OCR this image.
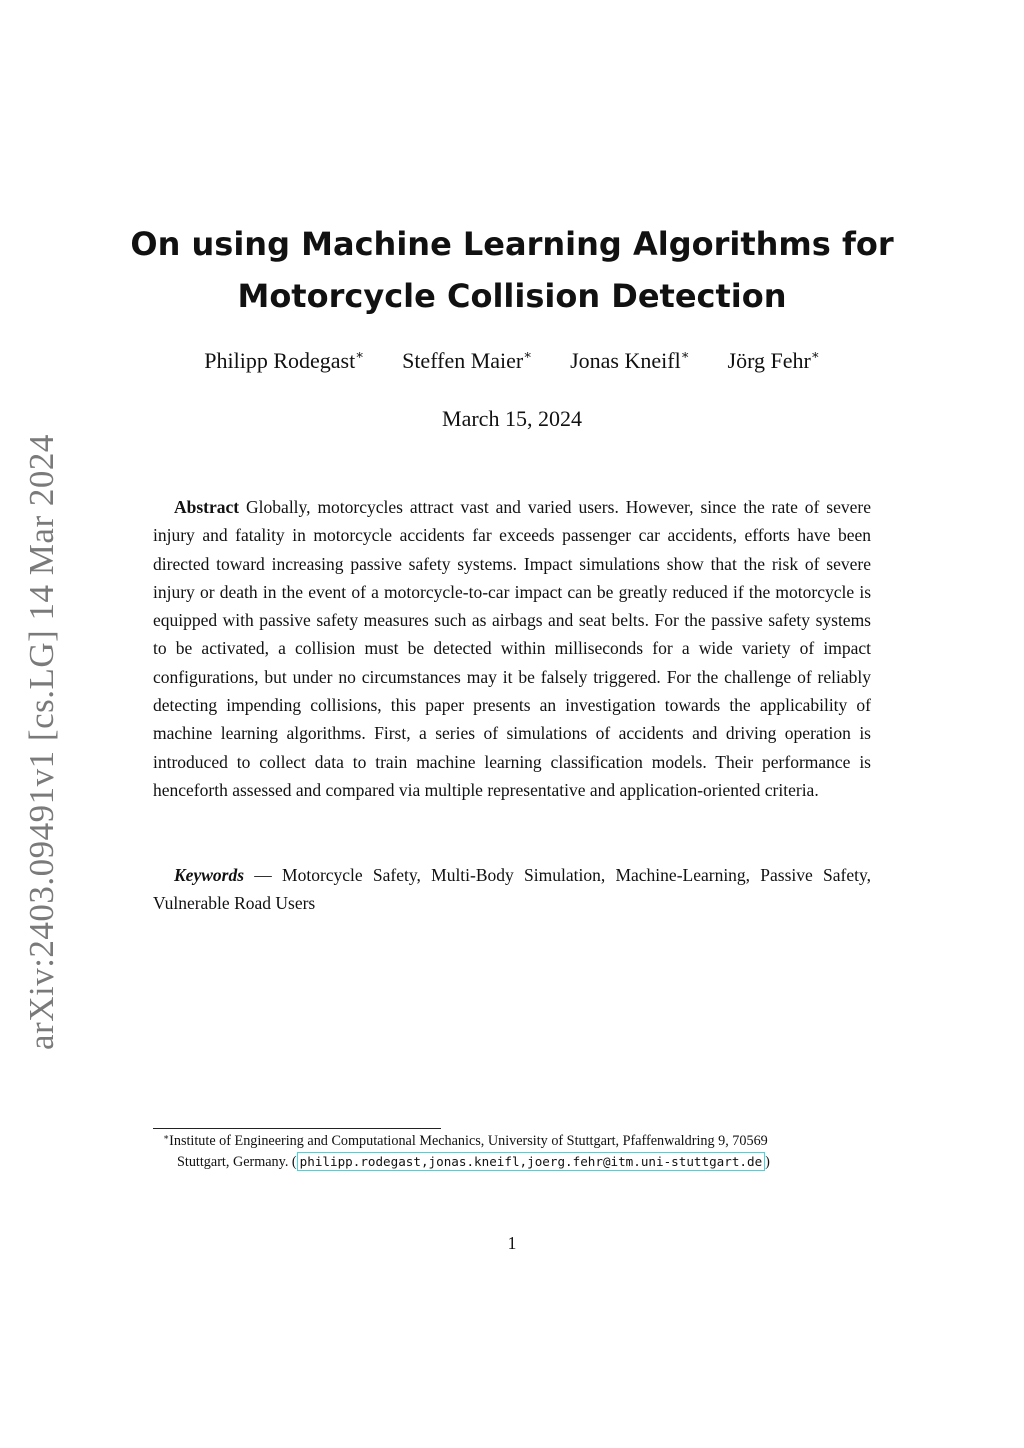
arXiv:2403.09491v1 [cs.LG] 14 Mar 2024
On using Machine Learning Algorithms for
Motorcycle Collision Detection
Philipp Rodegast∗ Steffen Maier∗ Jonas Kneifl∗ Jörg Fehr∗
March 15, 2024
Abstract Globally, motorcycles attract vast and varied users. However, since the rate of severe injury and fatality in motorcycle accidents far exceeds passenger car accidents, efforts have been directed toward increasing passive safety systems. Impact simulations show that the risk of severe injury or death in the event of a motorcycle-to-car impact can be greatly reduced if the motorcycle is equipped with passive safety measures such as airbags and seat belts. For the passive safety systems to be activated, a collision must be detected within milliseconds for a wide variety of impact configurations, but under no circumstances may it be falsely triggered. For the challenge of reliably detecting impending collisions, this paper presents an investigation towards the applicability of machine learning algorithms. First, a series of simulations of accidents and driving operation is introduced to collect data to train machine learning classification models. Their performance is henceforth assessed and compared via multiple representative and application-oriented criteria.
Keywords — Motorcycle Safety, Multi-Body Simulation, Machine-Learning, Passive Safety, Vulnerable Road Users
∗Institute of Engineering and Computational Mechanics, University of Stuttgart, Pfaffenwaldring 9, 70569
Stuttgart, Germany. ( philipp.rodegast,jonas.kneifl,joerg.fehr@itm.uni-stuttgart.de )
1
